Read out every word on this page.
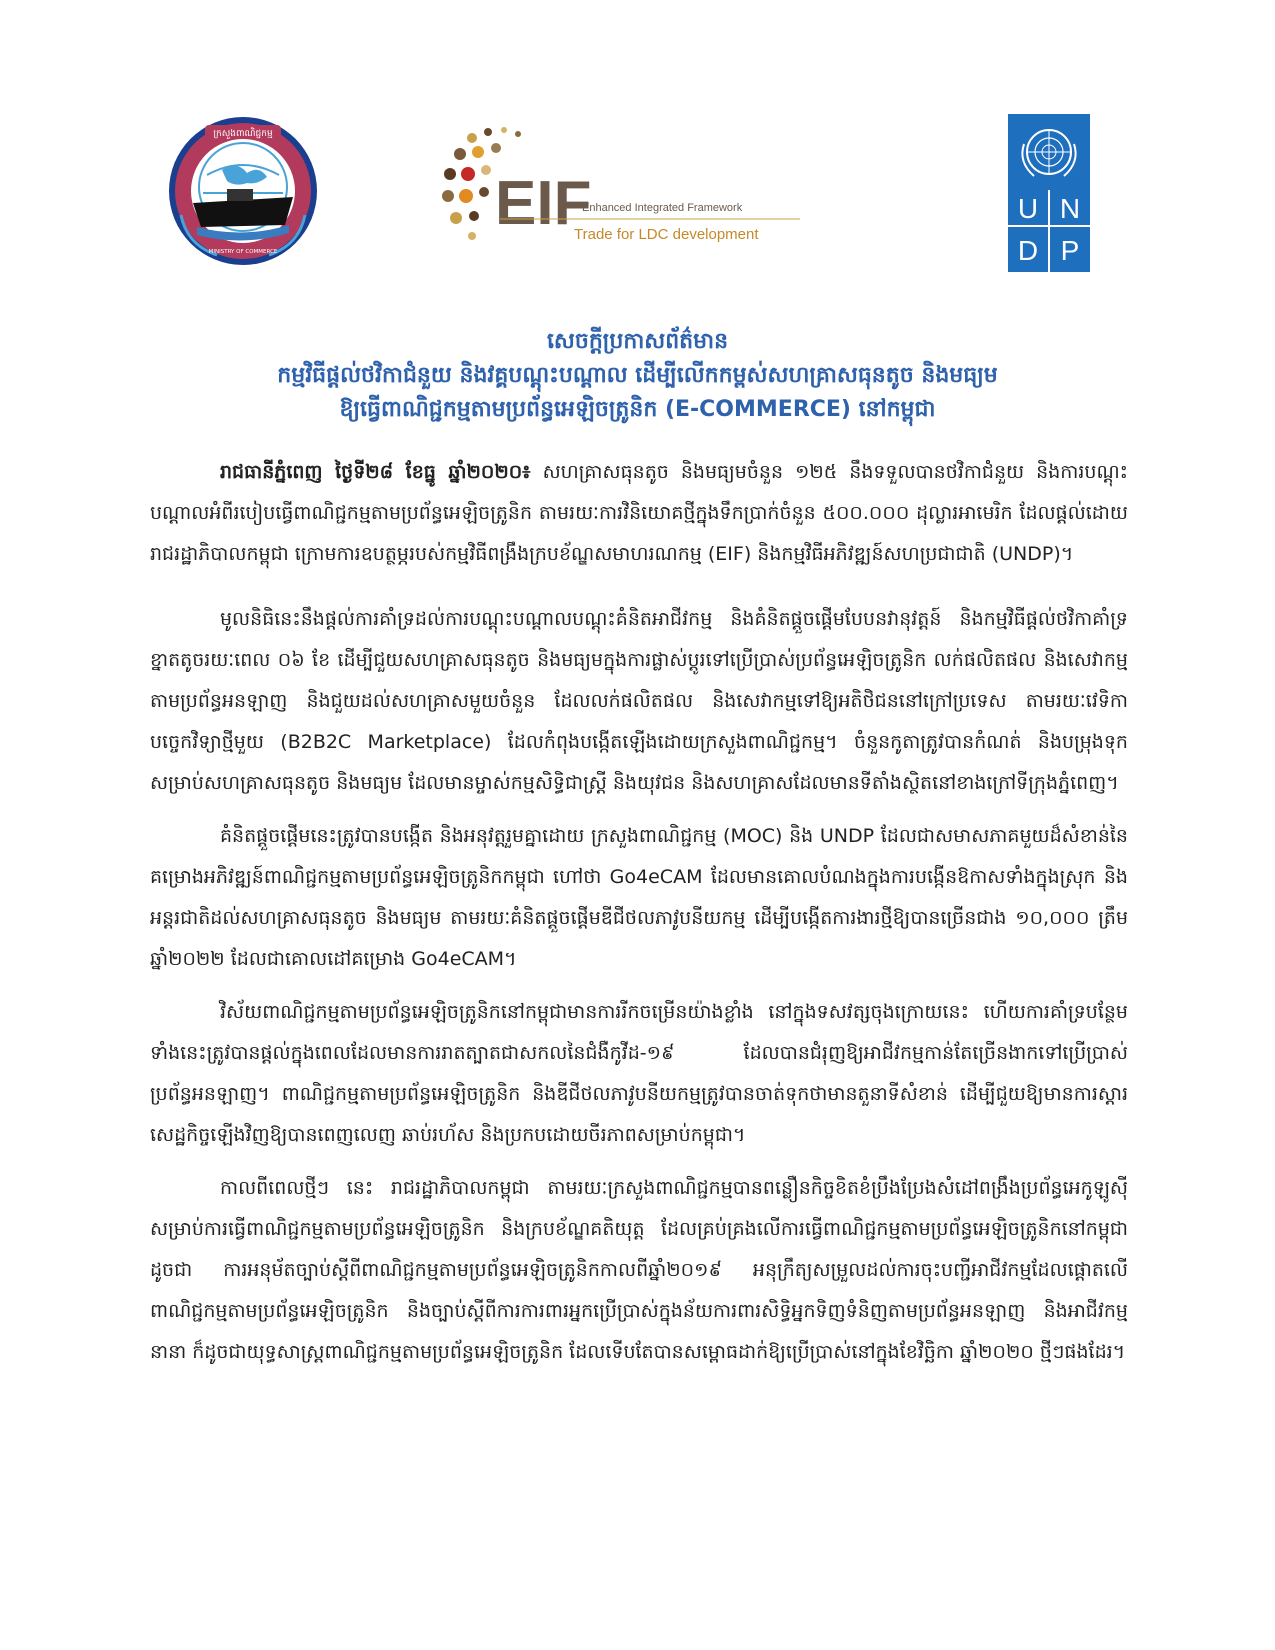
ក្រសួងពាណិជ្ជកម្ម
MINISTRY OF COMMERCE
EIF
Enhanced Integrated Framework
Trade for LDC development
U N
D P
សេចក្តីប្រកាសព័ត៌មាន
កម្មវិធីផ្តល់ថវិកាជំនួយ និងវគ្គបណ្តុះបណ្តាល ដើម្បីលើកកម្ពស់សហគ្រាសធុនតូច និងមធ្យម
ឱ្យធ្វើពាណិជ្ជកម្មតាមប្រព័ន្ធអេឡិចត្រូនិក (E-COMMERCE) នៅកម្ពុជា

រាជធានីភ្នំពេញ ថ្ងៃទី២៨ ខែធ្នូ ឆ្នាំ២០២០៖ សហគ្រាសធុនតូច និងមធ្យមចំនួន ១២៥ នឹងទទួលបានថវិកាជំនួយ និងការបណ្តុះបណ្តាលអំពីរបៀបធ្វើពាណិជ្ជកម្មតាមប្រព័ន្ធអេឡិចត្រូនិក តាមរយៈការវិនិយោគថ្មីក្នុងទឹកប្រាក់ចំនួន ៥០០.០០០ ដុល្លារអាមេរិក ដែលផ្តល់ដោយរាជរដ្ឋាភិបាលកម្ពុជា ក្រោមការឧបត្ថម្ភរបស់កម្មវិធីពង្រឹងក្របខ័ណ្ឌសមាហរណកម្ម (EIF) និងកម្មវិធីអភិវឌ្ឍន៍សហប្រជាជាតិ (UNDP)។

មូលនិធិនេះនឹងផ្តល់ការគាំទ្រដល់ការបណ្តុះបណ្តាលបណ្តុះគំនិតអាជីវកម្ម និងគំនិតផ្តួចផ្តើមបែបនវានុវត្តន៍ និងកម្មវិធីផ្តល់ថវិកាគាំទ្រខ្នាតតូចរយៈពេល ០៦ ខែ ដើម្បីជួយសហគ្រាសធុនតូច និងមធ្យមក្នុងការផ្លាស់ប្តូរទៅប្រើប្រាស់ប្រព័ន្ធអេឡិចត្រូនិក លក់ផលិតផល និងសេវាកម្មតាមប្រព័ន្ធអនឡាញ និងជួយដល់សហគ្រាសមួយចំនួន ដែលលក់ផលិតផល និងសេវាកម្មទៅឱ្យអតិថិជននៅក្រៅប្រទេស តាមរយៈវេទិកាបច្ចេកវិទ្យាថ្មីមួយ (B2B2C Marketplace) ដែលកំពុងបង្កើតឡើងដោយក្រសួងពាណិជ្ជកម្ម។ ចំនួនកូតាត្រូវបានកំណត់ និងបម្រុងទុកសម្រាប់សហគ្រាសធុនតូច និងមធ្យម ដែលមានម្ចាស់កម្មសិទ្ធិជាស្ត្រី និងយុវជន និងសហគ្រាសដែលមានទីតាំងស្ថិតនៅខាងក្រៅទីក្រុងភ្នំពេញ។

គំនិតផ្តួចផ្តើមនេះត្រូវបានបង្កើត និងអនុវត្តរួមគ្នាដោយ ក្រសួងពាណិជ្ជកម្ម (MOC) និង UNDP ដែលជាសមាសភាគមួយដ៏សំខាន់នៃគម្រោងអភិវឌ្ឍន៍ពាណិជ្ជកម្មតាមប្រព័ន្ធអេឡិចត្រូនិកកម្ពុជា ហៅថា Go4eCAM ដែលមានគោលបំណងក្នុងការបង្កើនឱកាសទាំងក្នុងស្រុក និងអន្តរជាតិដល់សហគ្រាសធុនតូច និងមធ្យម តាមរយៈគំនិតផ្តួចផ្តើមឌីជីថលភាវូបនីយកម្ម ដើម្បីបង្កើតការងារថ្មីឱ្យបានច្រើនជាង ១០,០០០ ត្រឹមឆ្នាំ២០២២ ដែលជាគោលដៅគម្រោង Go4eCAM។

វិស័យពាណិជ្ជកម្មតាមប្រព័ន្ធអេឡិចត្រូនិកនៅកម្ពុជាមានការរីកចម្រើនយ៉ាងខ្លាំង នៅក្នុងទសវត្សចុងក្រោយនេះ ហើយការគាំទ្របន្ថែមទាំងនេះត្រូវបានផ្តល់ក្នុងពេលដែលមានការរាតត្បាតជាសកលនៃជំងឺកូវីដ-១៩ ដែលបានជំរុញឱ្យអាជីវកម្មកាន់តែច្រើនងាកទៅប្រើប្រាស់ប្រព័ន្ធអនឡាញ។ ពាណិជ្ជកម្មតាមប្រព័ន្ធអេឡិចត្រូនិក និងឌីជីថលភាវូបនីយកម្មត្រូវបានចាត់ទុកថាមានតួនាទីសំខាន់ ដើម្បីជួយឱ្យមានការស្តារសេដ្ឋកិច្ចឡើងវិញឱ្យបានពេញលេញ ឆាប់រហ័ស និងប្រកបដោយចីរភាពសម្រាប់កម្ពុជា។

កាលពីពេលថ្មីៗ នេះ រាជរដ្ឋាភិបាលកម្ពុជា តាមរយៈក្រសួងពាណិជ្ជកម្មបានពន្លឿនកិច្ចខិតខំប្រឹងប្រែងសំដៅពង្រឹងប្រព័ន្ធអេកូឡូស៊ីសម្រាប់ការធ្វើពាណិជ្ជកម្មតាមប្រព័ន្ធអេឡិចត្រូនិក និងក្របខ័ណ្ឌគតិយុត្ត ដែលគ្រប់គ្រងលើការធ្វើពាណិជ្ជកម្មតាមប្រព័ន្ធអេឡិចត្រូនិកនៅកម្ពុជា ដូចជា ការអនុម័តច្បាប់ស្តីពីពាណិជ្ជកម្មតាមប្រព័ន្ធអេឡិចត្រូនិកកាលពីឆ្នាំ២០១៩ អនុក្រឹត្យសម្រួលដល់ការចុះបញ្ជីអាជីវកម្មដែលផ្តោតលើពាណិជ្ជកម្មតាមប្រព័ន្ធអេឡិចត្រូនិក និងច្បាប់ស្តីពីការការពារអ្នកប្រើប្រាស់ក្នុងន័យការពារសិទ្ធិអ្នកទិញទំនិញតាមប្រព័ន្ធអនឡាញ និងអាជីវកម្មនានា ក៏ដូចជាយុទ្ធសាស្ត្រពាណិជ្ជកម្មតាមប្រព័ន្ធអេឡិចត្រូនិក ដែលទើបតែបានសម្ពោធដាក់ឱ្យប្រើប្រាស់នៅក្នុងខែវិច្ឆិកា ឆ្នាំ២០២០ ថ្មីៗផងដែរ។
